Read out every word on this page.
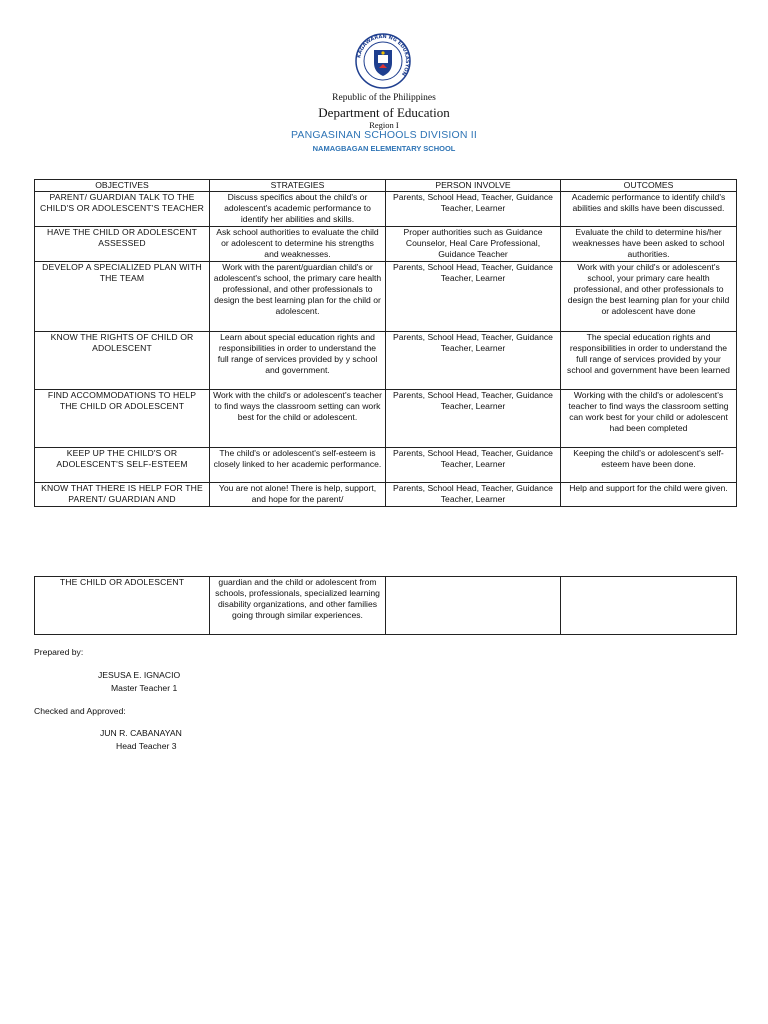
KAGAWARAN NG EDUKASYON
Republic of the Philippines
Department of Education
Region I
PANGASINAN SCHOOLS DIVISION II
NAMAGBAGAN ELEMENTARY SCHOOL
OBJECTIVES	STRATEGIES	PERSON INVOLVE	OUTCOMES
PARENT/ GUARDIAN TALK TO THE CHILD'S OR ADOLESCENT'S TEACHER	Discuss specifics about the child's or adolescent's academic performance to identify her abilities and skills.	Parents, School Head, Teacher, Guidance Teacher, Learner	Academic performance to identify child's abilities and skills have been discussed.
HAVE THE CHILD OR ADOLESCENT ASSESSED	Ask school authorities to evaluate the child or adolescent to determine his strengths and weaknesses.	Proper authorities such as Guidance Counselor, Heal Care Professional, Guidance Teacher	Evaluate the child to determine his/her weaknesses have been asked to school authorities.
DEVELOP A SPECIALIZED PLAN WITH THE TEAM	Work with the parent/guardian child's or adolescent's school, the primary care health professional, and other professionals to design the best learning plan for the child or adolescent.	Parents, School Head, Teacher, Guidance Teacher, Learner	Work with your child's or adolescent's school, your primary care health professional, and other professionals to design the best learning plan for your child or adolescent have done
KNOW THE RIGHTS OF CHILD OR ADOLESCENT	Learn about special education rights and responsibilities in order to understand the full range of services provided by y school and government.	Parents, School Head, Teacher, Guidance Teacher, Learner	The special education rights and responsibilities in order to understand the full range of services provided by your school and government have been learned
FIND ACCOMMODATIONS TO HELP THE CHILD OR ADOLESCENT	Work with the child's or adolescent's teacher to find ways the classroom setting can work best for the child or adolescent.	Parents, School Head, Teacher, Guidance Teacher, Learner	Working with the child's or adolescent's teacher to find ways the classroom setting can work best for your child or adolescent had been completed
KEEP UP THE CHILD'S OR ADOLESCENT'S SELF-ESTEEM	The child's or adolescent's self-esteem is closely linked to her academic performance.	Parents, School Head, Teacher, Guidance Teacher, Learner	Keeping the child's or adolescent's self-esteem have been done.
KNOW THAT THERE IS HELP FOR THE PARENT/ GUARDIAN AND	You are not alone! There is help, support, and hope for the parent/	Parents, School Head, Teacher, Guidance Teacher, Learner	Help and support for the child were given.
THE CHILD OR ADOLESCENT	guardian and the child or adolescent from schools, professionals, specialized learning disability organizations, and other families going through similar experiences.		
Prepared by:
JESUSA E. IGNACIO
Master Teacher 1
Checked and Approved:
JUN R. CABANAYAN
Head Teacher 3
